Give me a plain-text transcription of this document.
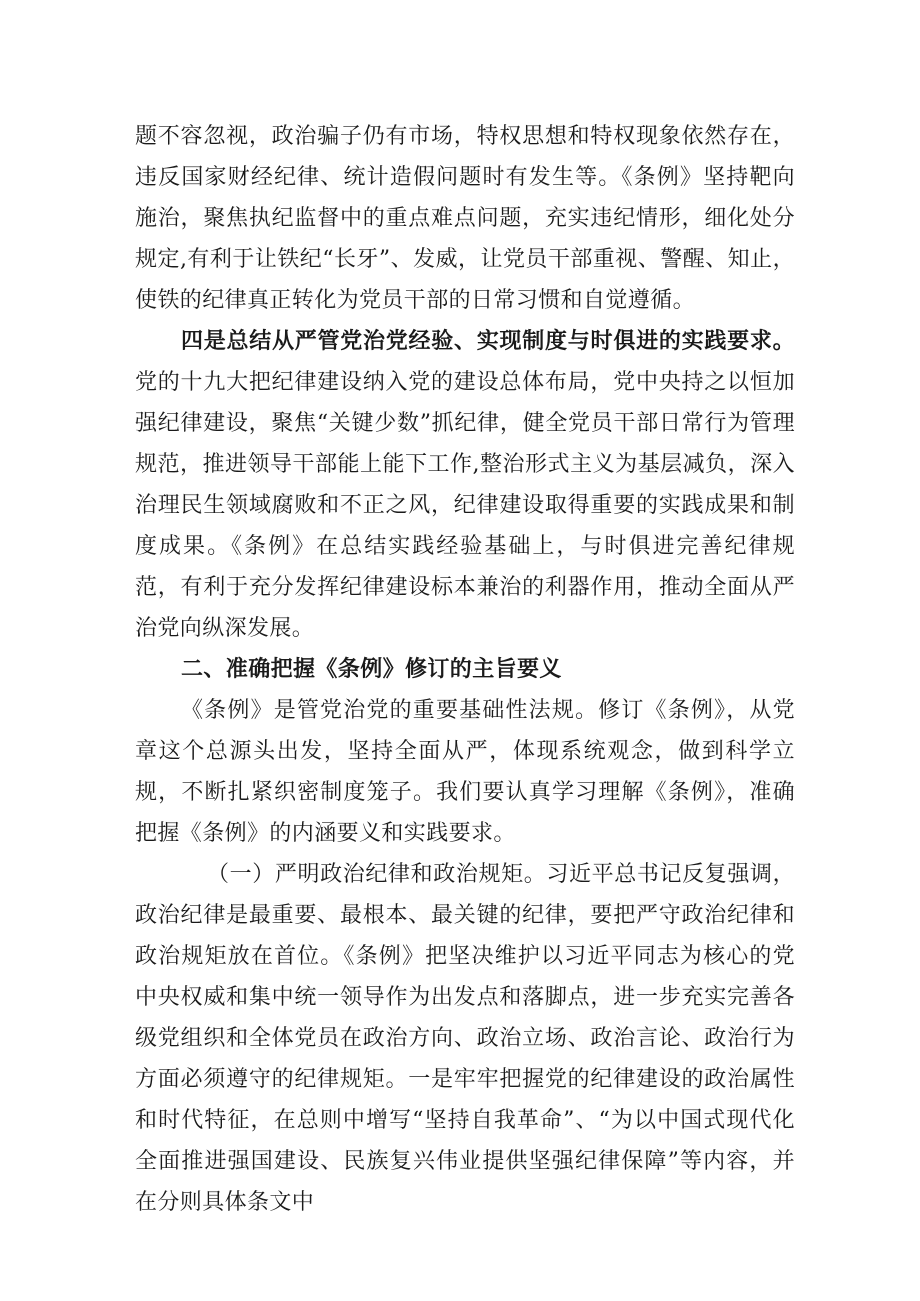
题不容忽视，政治骗子仍有市场，特权思想和特权现象依然存在，违反国家财经纪律、统计造假问题时有发生等。《条例》坚持靶向施治，聚焦执纪监督中的重点难点问题，充实违纪情形，细化处分规定,有利于让铁纪“长牙”、发威，让党员干部重视、警醒、知止，使铁的纪律真正转化为党员干部的日常习惯和自觉遵循。

四是总结从严管党治党经验、实现制度与时俱进的实践要求。党的十九大把纪律建设纳入党的建设总体布局，党中央持之以恒加强纪律建设，聚焦“关键少数”抓纪律，健全党员干部日常行为管理规范，推进领导干部能上能下工作,整治形式主义为基层减负，深入治理民生领域腐败和不正之风，纪律建设取得重要的实践成果和制度成果。《条例》在总结实践经验基础上，与时俱进完善纪律规范，有利于充分发挥纪律建设标本兼治的利器作用，推动全面从严治党向纵深发展。

二、准确把握《条例》修订的主旨要义

《条例》是管党治党的重要基础性法规。修订《条例》，从党章这个总源头出发，坚持全面从严，体现系统观念，做到科学立规，不断扎紧织密制度笼子。我们要认真学习理解《条例》，准确把握《条例》的内涵要义和实践要求。

（一）严明政治纪律和政治规矩。习近平总书记反复强调，政治纪律是最重要、最根本、最关键的纪律，要把严守政治纪律和政治规矩放在首位。《条例》把坚决维护以习近平同志为核心的党中央权威和集中统一领导作为出发点和落脚点，进一步充实完善各级党组织和全体党员在政治方向、政治立场、政治言论、政治行为方面必须遵守的纪律规矩。一是牢牢把握党的纪律建设的政治属性和时代特征，在总则中增写“坚持自我革命”、“为以中国式现代化全面推进强国建设、民族复兴伟业提供坚强纪律保障”等内容，并在分则具体条文中
